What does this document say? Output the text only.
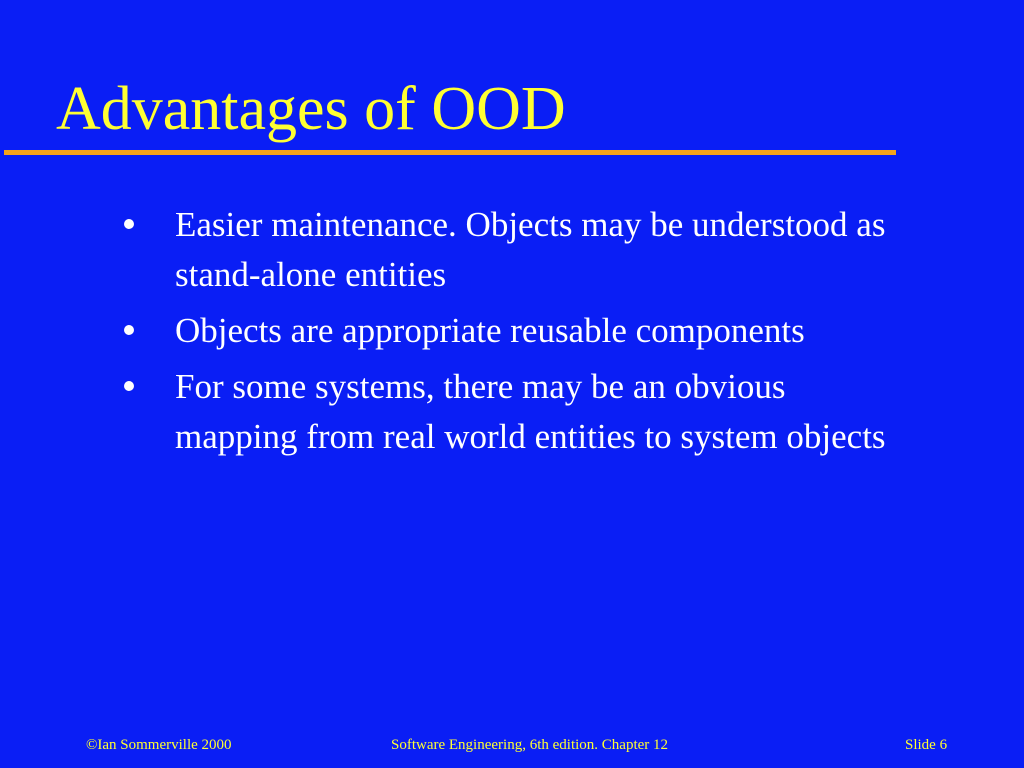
Advantages of OOD
Easier maintenance. Objects may be understood as stand-alone entities
Objects are appropriate reusable components
For some systems, there may be an obvious mapping from real world entities to system objects
©Ian Sommerville 2000	Software Engineering, 6th edition. Chapter 12	Slide 6
